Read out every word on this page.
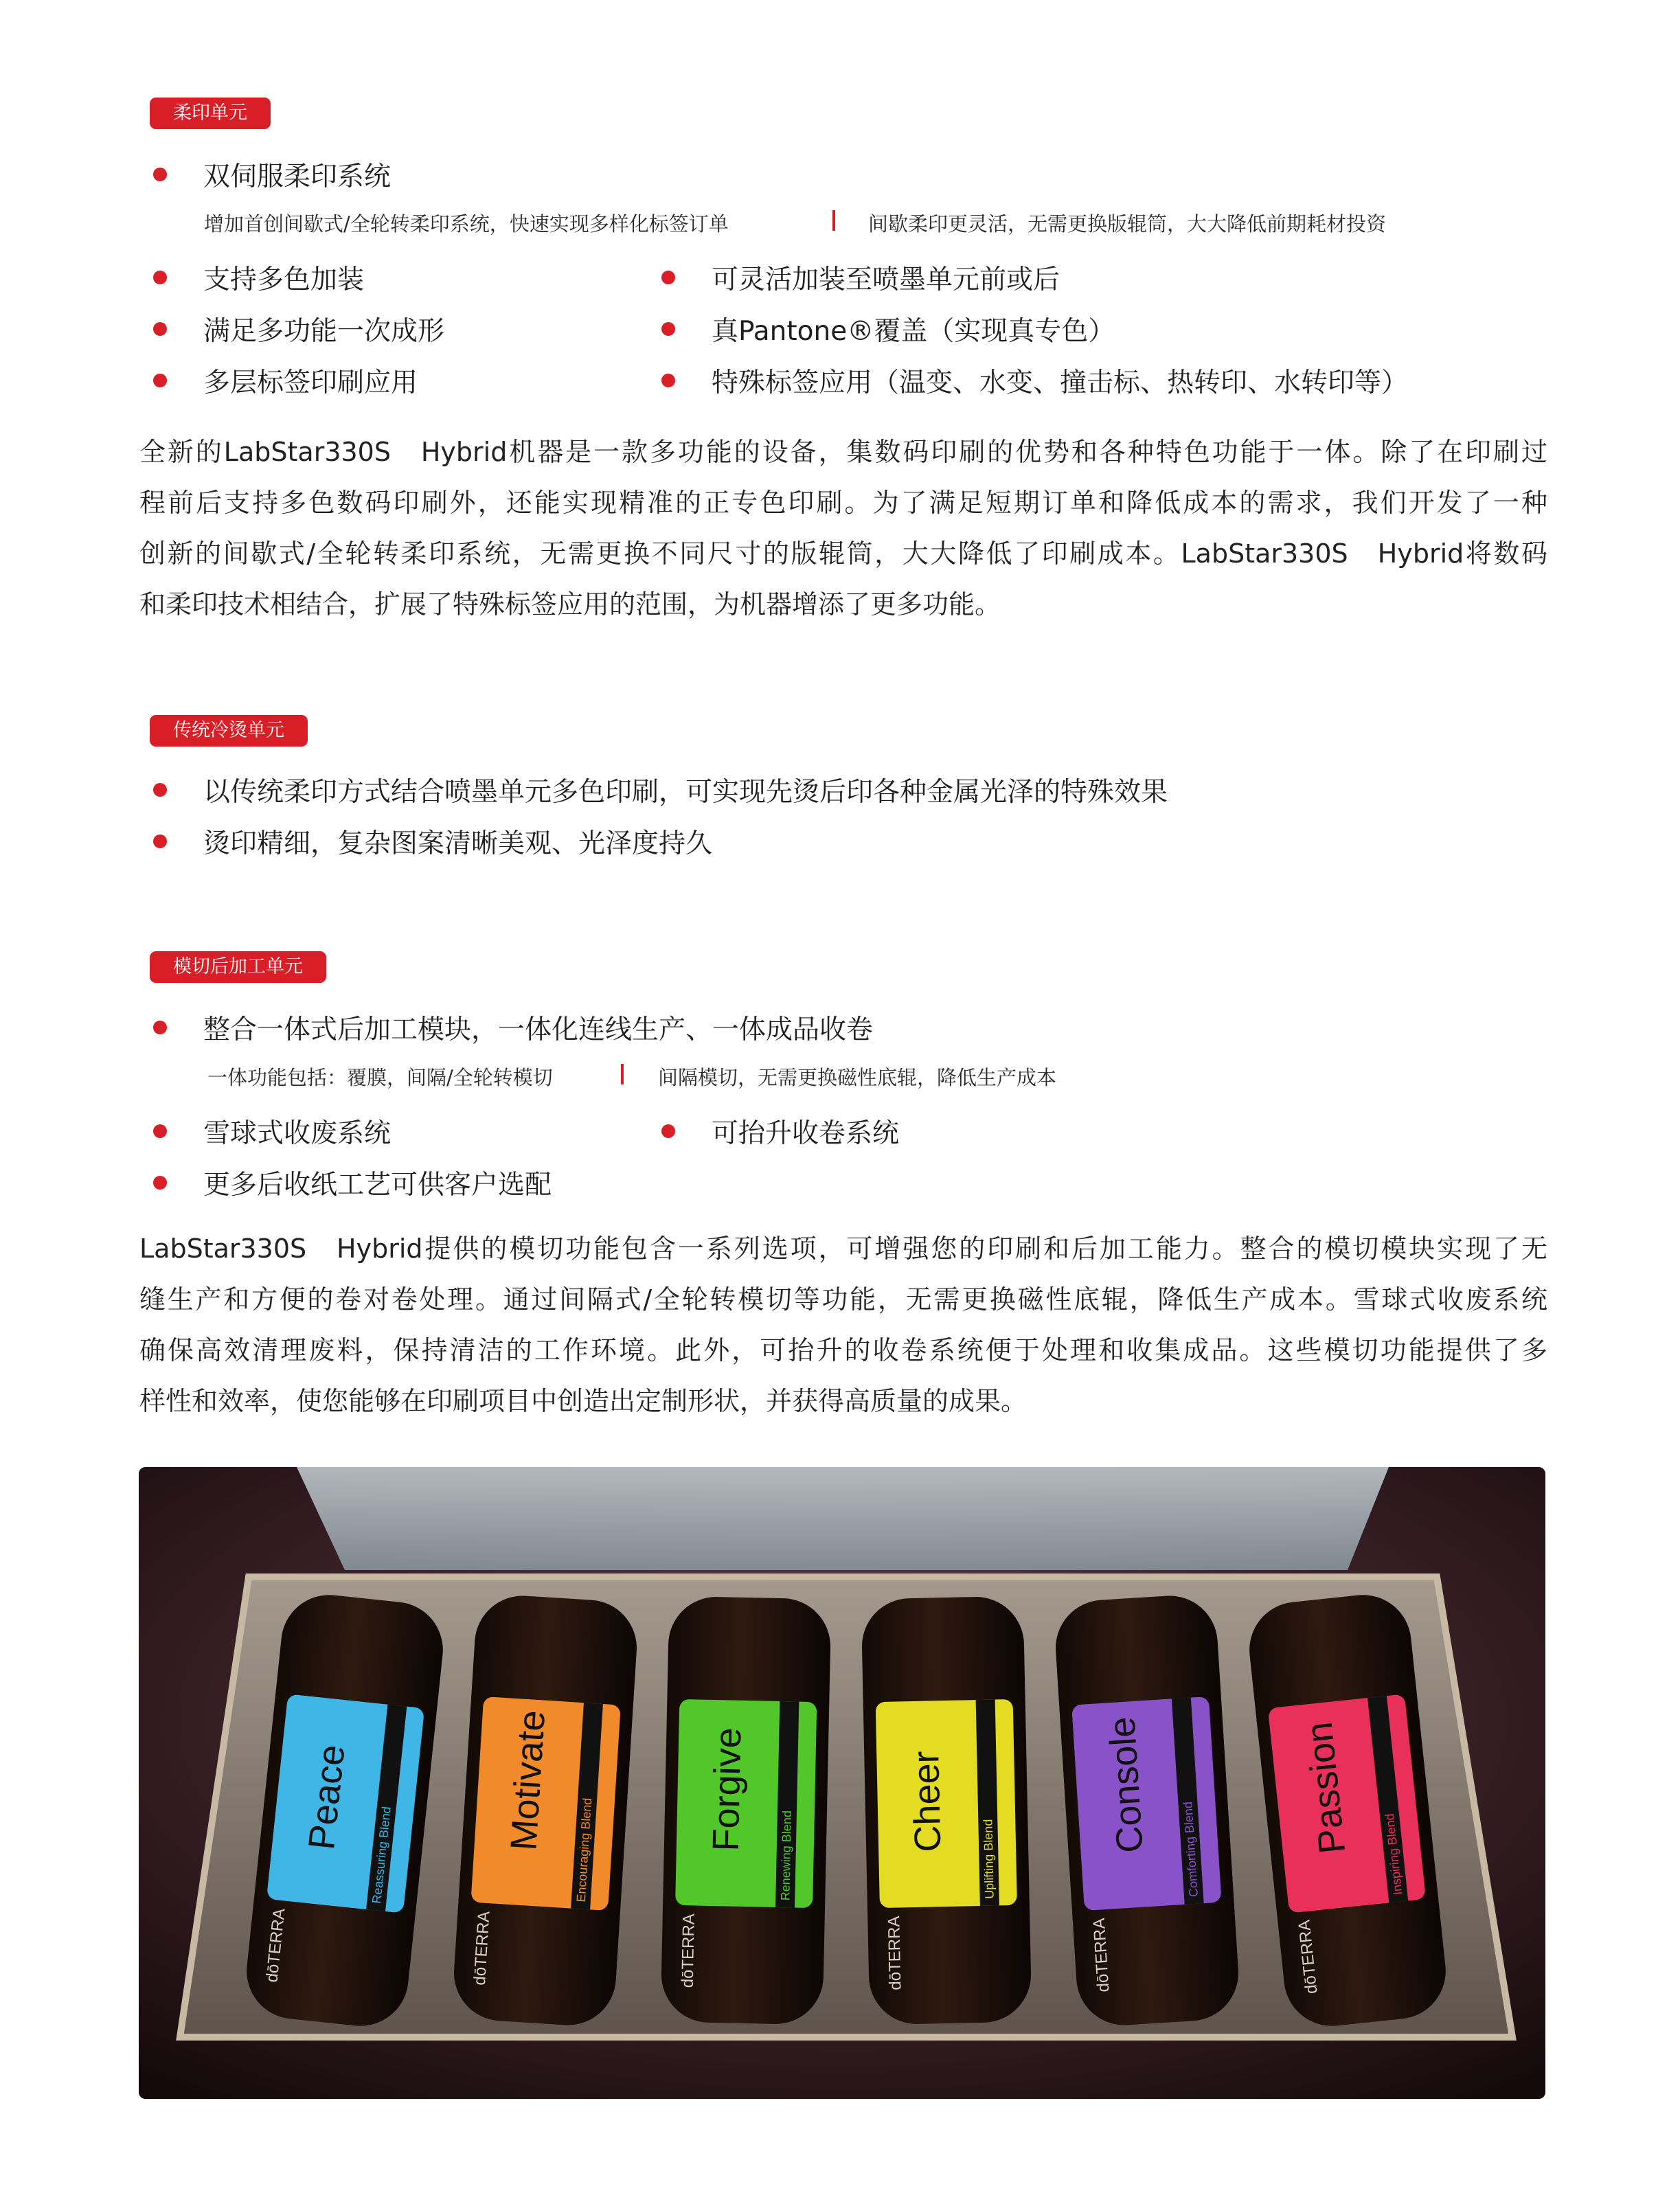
柔印单元
双伺服柔印系统
增加首创间歇式/全轮转柔印系统，快速实现多样化标签订单	间歇柔印更灵活，无需更换版辊筒，大大降低前期耗材投资
支持多色加装
满足多功能一次成形
多层标签印刷应用
可灵活加装至喷墨单元前或后
真Pantone®覆盖（实现真专色）
特殊标签应用（温变、水变、撞击标、热转印、水转印等）
全新的LabStar330S　Hybrid机器是一款多功能的设备，集数码印刷的优势和各种特色功能于一体。除了在印刷过
程前后支持多色数码印刷外，还能实现精准的正专色印刷。为了满足短期订单和降低成本的需求，我们开发了一种
创新的间歇式/全轮转柔印系统，无需更换不同尺寸的版辊筒，大大降低了印刷成本。LabStar330S　Hybrid将数码
和柔印技术相结合，扩展了特殊标签应用的范围，为机器增添了更多功能。
传统冷烫单元
以传统柔印方式结合喷墨单元多色印刷，可实现先烫后印各种金属光泽的特殊效果
烫印精细，复杂图案清晰美观、光泽度持久
模切后加工单元
整合一体式后加工模块，一体化连线生产、一体成品收卷
一体功能包括：覆膜，间隔/全轮转模切	间隔模切，无需更换磁性底辊，降低生产成本
雪球式收废系统
更多后收纸工艺可供客户选配
可抬升收卷系统
LabStar330S　Hybrid提供的模切功能包含一系列选项，可增强您的印刷和后加工能力。整合的模切模块实现了无
缝生产和方便的卷对卷处理。通过间隔式/全轮转模切等功能，无需更换磁性底辊，降低生产成本。雪球式收废系统
确保高效清理废料，保持清洁的工作环境。此外，可抬升的收卷系统便于处理和收集成品。这些模切功能提供了多
样性和效率，使您能够在印刷项目中创造出定制形状，并获得高质量的成果。
Peace
Reassuring Blend
dōTERRA
Motivate Encouraging Blend
dōTERRA
Forgive
Renewing Blend
dōTERRA
Cheer
Uplifting Blend
dōTERRA
Console Comforting Blend
dōTERRA
Passion Inspiring Blend
dōTERRA
